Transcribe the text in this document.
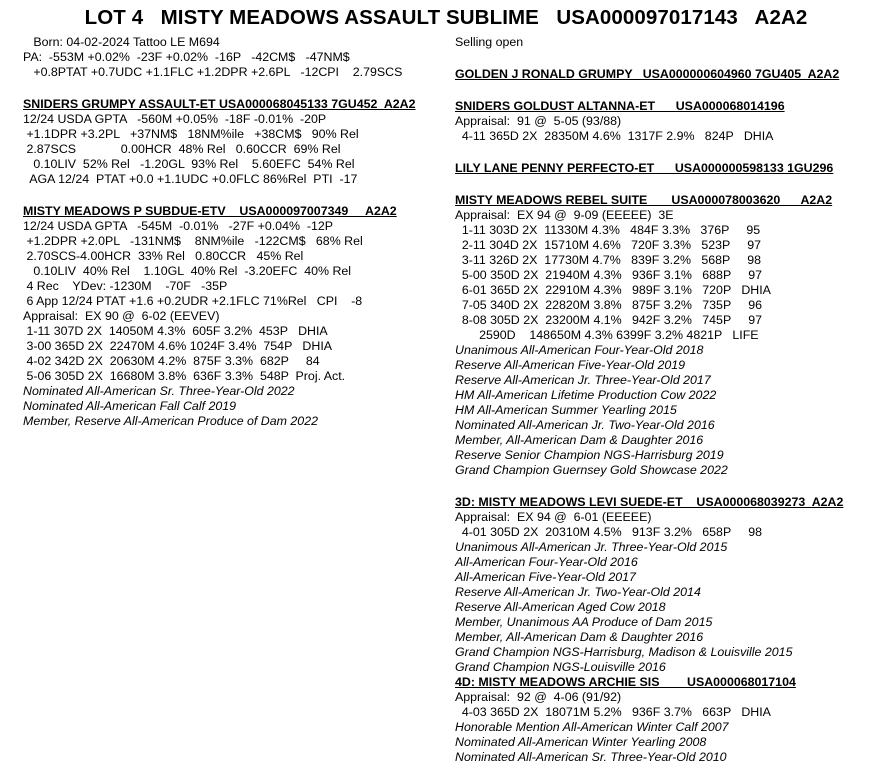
LOT 4   MISTY MEADOWS ASSAULT SUBLIME   USA000097017143   A2A2
Born: 04-02-2024 Tattoo LE M694
PA:  -553M +0.02%  -23F +0.02%  -16P   -42CM$   -47NM$
+0.8PTAT +0.7UDC +1.1FLC +1.2DPR +2.6PL   -12CPI    2.79SCS
SNIDERS GRUMPY ASSAULT-ET USA000068045133 7GU452  A2A2
12/24 USDA GPTA   -560M +0.05%  -18F -0.01%  -20P
+1.1DPR +3.2PL   +37NM$   18NM%ile   +38CM$   90% Rel
2.87SCS             0.00HCR  48% Rel   0.60CCR  69% Rel
0.10LIV  52% Rel   -1.20GL  93% Rel    5.60EFC  54% Rel
AGA 12/24  PTAT +0.0 +1.1UDC +0.0FLC 86%Rel  PTI  -17
MISTY MEADOWS P SUBDUE-ETV    USA000097007349     A2A2
12/24 USDA GPTA   -545M  -0.01%   -27F +0.04%  -12P
+1.2DPR +2.0PL   -131NM$    8NM%ile   -122CM$   68% Rel
2.70SCS-4.00HCR  33% Rel   0.80CCR   45% Rel
0.10LIV  40% Rel    1.10GL  40% Rel  -3.20EFC  40% Rel
4 Rec    YDev: -1230M    -70F   -35P
6 App 12/24 PTAT +1.6 +0.2UDR +2.1FLC 71%Rel   CPI    -8
Appraisal:  EX 90 @  6-02 (EEVEV)
1-11 307D 2X  14050M 4.3%  605F 3.2%  453P   DHIA
3-00 365D 2X  22470M 4.6% 1024F 3.4%  754P   DHIA
4-02 342D 2X  20630M 4.2%  875F 3.3%  682P     84
5-06 305D 2X  16680M 3.8%  636F 3.3%  548P  Proj. Act.
Nominated All-American Sr. Three-Year-Old 2022
Nominated All-American Fall Calf 2019
Member, Reserve All-American Produce of Dam 2022
Selling open
GOLDEN J RONALD GRUMPY   USA000000604960 7GU405  A2A2
SNIDERS GOLDUST ALTANNA-ET      USA000068014196
Appraisal:  91 @  5-05 (93/88)
4-11 365D 2X  28350M 4.6%  1317F 2.9%   824P   DHIA
LILY LANE PENNY PERFECTO-ET      USA000000598133 1GU296
MISTY MEADOWS REBEL SUITE       USA000078003620      A2A2
Appraisal:  EX 94 @  9-09 (EEEEE)  3E
1-11 303D 2X  11330M 4.3%   484F 3.3%   376P     95
2-11 304D 2X  15710M 4.6%   720F 3.3%   523P     97
3-11 326D 2X  17730M 4.7%   839F 3.2%   568P     98
5-00 350D 2X  21940M 4.3%   936F 3.1%   688P     97
6-01 365D 2X  22910M 4.3%   989F 3.1%   720P   DHIA
7-05 340D 2X  22820M 3.8%   875F 3.2%   735P     96
8-08 305D 2X  23200M 4.1%   942F 3.2%   745P     97
2590D    148650M 4.3% 6399F 3.2% 4821P   LIFE
Unanimous All-American Four-Year-Old 2018
Reserve All-American Five-Year-Old 2019
Reserve All-American Jr. Three-Year-Old 2017
HM All-American Lifetime Production Cow 2022
HM All-American Summer Yearling 2015
Nominated All-American Jr. Two-Year-Old 2016
Member, All-American Dam & Daughter 2016
Reserve Senior Champion NGS-Harrisburg 2019
Grand Champion Guernsey Gold Showcase 2022
3D: MISTY MEADOWS LEVI SUEDE-ET    USA000068039273  A2A2
Appraisal:  EX 94 @  6-01 (EEEEE)
4-01 305D 2X  20310M 4.5%   913F 3.2%   658P     98
Unanimous All-American Jr. Three-Year-Old 2015
All-American Four-Year-Old 2016
All-American Five-Year-Old 2017
Reserve All-American Jr. Two-Year-Old 2014
Reserve All-American Aged Cow 2018
Member, Unanimous AA Produce of Dam 2015
Member, All-American Dam & Daughter 2016
Grand Champion NGS-Harrisburg, Madison & Louisville 2015
Grand Champion NGS-Louisville 2016
4D: MISTY MEADOWS ARCHIE SIS        USA000068017104
Appraisal:  92 @  4-06 (91/92)
4-03 365D 2X  18071M 5.2%   936F 3.7%   663P   DHIA
Honorable Mention All-American Winter Calf 2007
Nominated All-American Winter Yearling 2008
Nominated All-American Sr. Three-Year-Old 2010
